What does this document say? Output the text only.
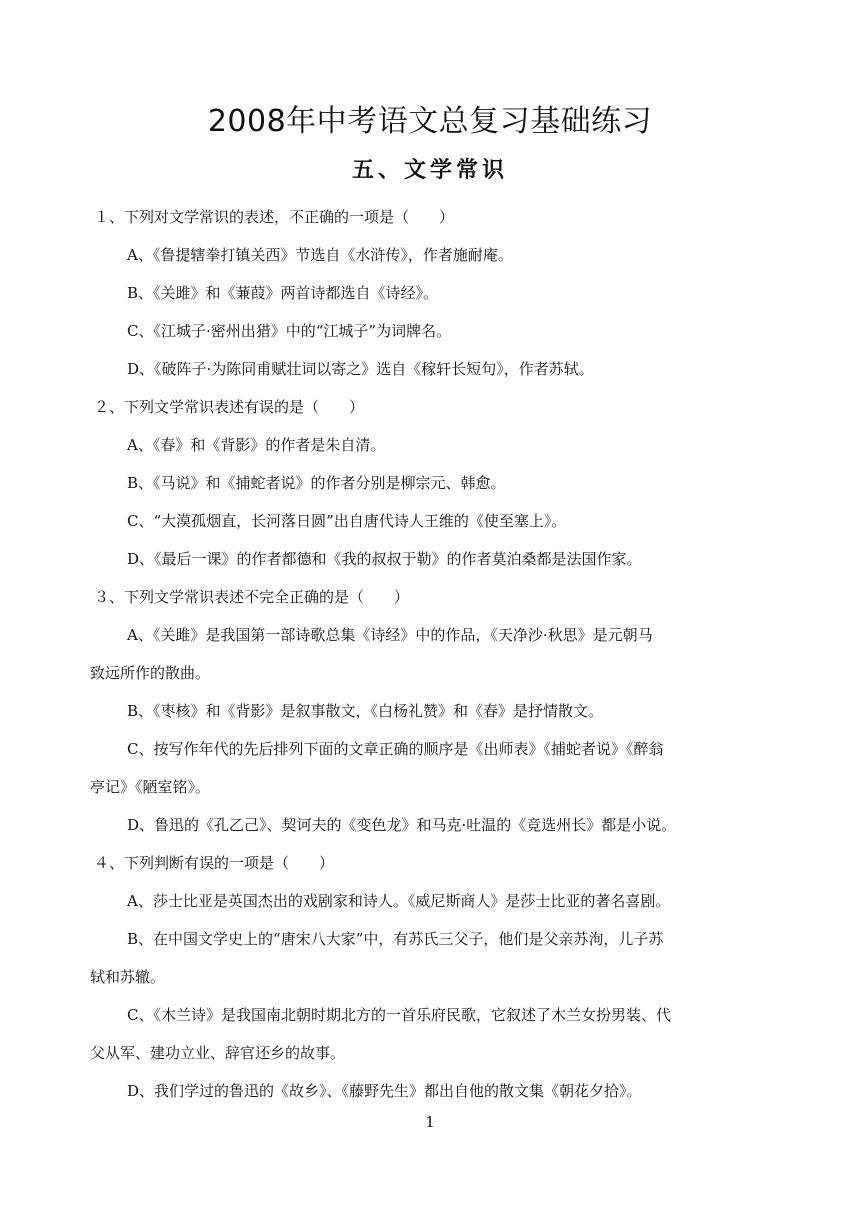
2008年中考语文总复习基础练习
五、文学常识
１、下列对文学常识的表述，不正确的一项是（　　）
A、《鲁提辖拳打镇关西》节选自《水浒传》，作者施耐庵。
B、《关雎》和《蒹葭》两首诗都选自《诗经》。
C、《江城子·密州出猎》中的“江城子”为词牌名。
D、《破阵子·为陈同甫赋壮词以寄之》选自《稼轩长短句》，作者苏轼。
２、下列文学常识表述有误的是（　　）
A、《春》和《背影》的作者是朱自清。
B、《马说》和《捕蛇者说》的作者分别是柳宗元、韩愈。
C、“大漠孤烟直，长河落日圆”出自唐代诗人王维的《使至塞上》。
D、《最后一课》的作者都德和《我的叔叔于勒》的作者莫泊桑都是法国作家。
３、下列文学常识表述不完全正确的是（　　）
A、《关雎》是我国第一部诗歌总集《诗经》中的作品，《天净沙·秋思》是元朝马
致远所作的散曲。
B、《枣核》和《背影》是叙事散文，《白杨礼赞》和《春》是抒情散文。
C、按写作年代的先后排列下面的文章正确的顺序是《出师表》《捕蛇者说》《醉翁
亭记》《陋室铭》。
D、鲁迅的《孔乙己》、契诃夫的《变色龙》和马克·吐温的《竞选州长》都是小说。
４、下列判断有误的一项是（　　）
A、莎士比亚是英国杰出的戏剧家和诗人。《威尼斯商人》是莎士比亚的著名喜剧。
B、在中国文学史上的“唐宋八大家”中，有苏氏三父子，他们是父亲苏洵，儿子苏
轼和苏辙。
C、《木兰诗》是我国南北朝时期北方的一首乐府民歌，它叙述了木兰女扮男装、代
父从军、建功立业、辞官还乡的故事。
D、我们学过的鲁迅的《故乡》、《藤野先生》都出自他的散文集《朝花夕拾》。
1
